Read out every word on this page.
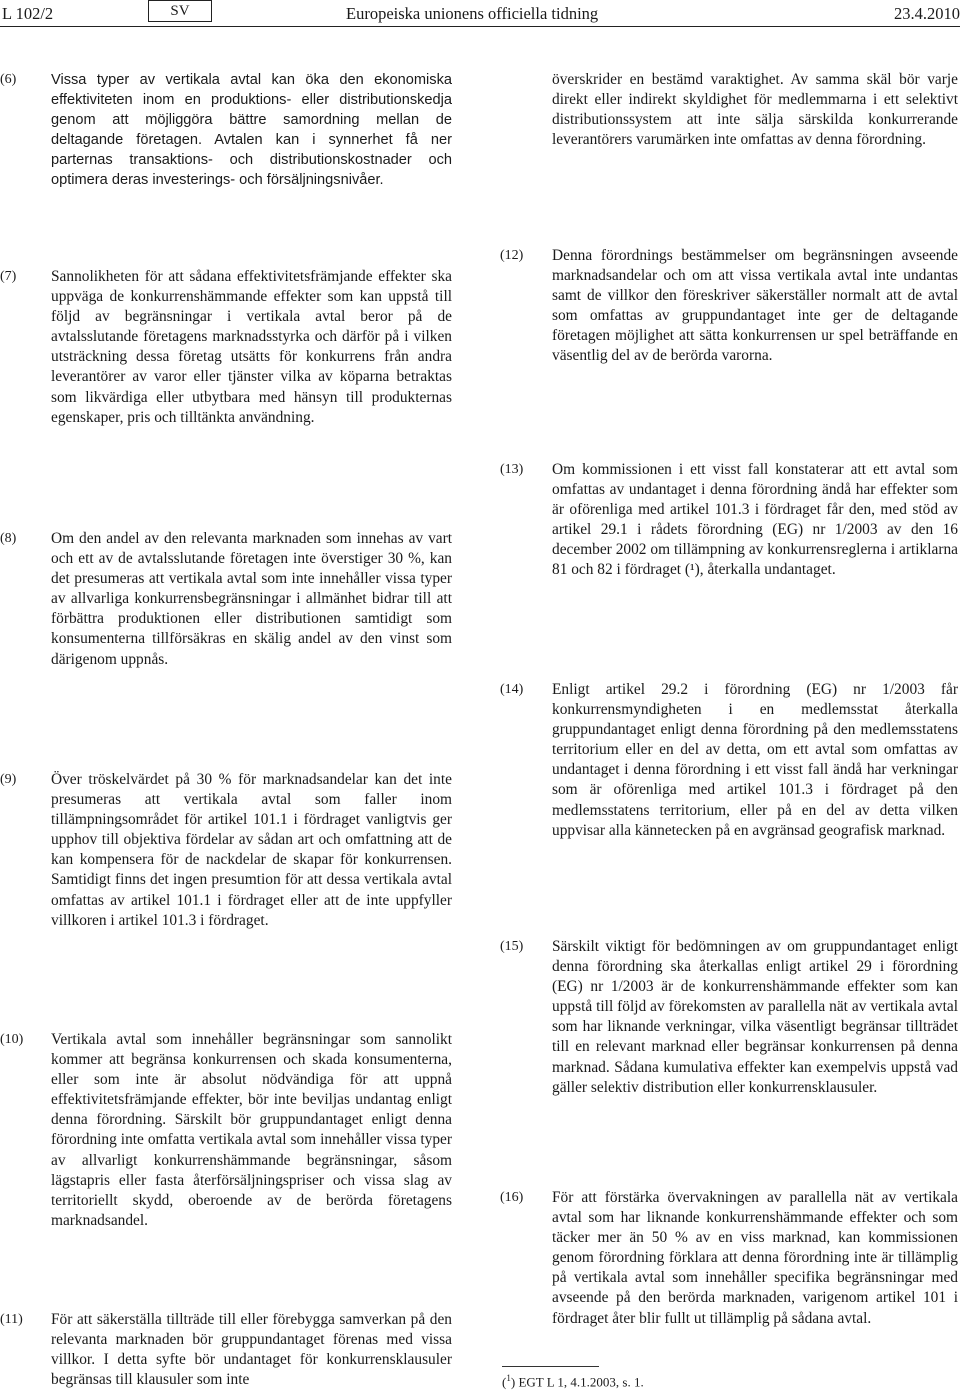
L 102/2	SV	Europeiska unionens officiella tidning	23.4.2010
(6)	Vissa typer av vertikala avtal kan öka den ekonomiska effektiviteten inom en produktions- eller distributionskedja genom att möjliggöra bättre samordning mellan de deltagande företagen. Avtalen kan i synnerhet få ner parternas transaktions- och distributionskostnader och optimera deras investerings- och försäljningsnivåer.

(7)	Sannolikheten för att sådana effektivitetsfrämjande effekter ska uppväga de konkurrenshämmande effekter som kan uppstå till följd av begränsningar i vertikala avtal beror på de avtalsslutande företagens marknadsstyrka och därför på i vilken utsträckning dessa företag utsätts för konkurrens från andra leverantörer av varor eller tjänster vilka av köparna betraktas som likvärdiga eller utbytbara med hänsyn till produkternas egenskaper, pris och tilltänkta användning.

(8)	Om den andel av den relevanta marknaden som innehas av vart och ett av de avtalsslutande företagen inte överstiger 30 %, kan det presumeras att vertikala avtal som inte innehåller vissa typer av allvarliga konkurrensbegränsningar i allmänhet bidrar till att förbättra produktionen eller distributionen samtidigt som konsumenterna tillförsäkras en skälig andel av den vinst som därigenom uppnås.

(9)	Över tröskelvärdet på 30 % för marknadsandelar kan det inte presumeras att vertikala avtal som faller inom tillämpningsområdet för artikel 101.1 i fördraget vanligtvis ger upphov till objektiva fördelar av sådan art och omfattning att de kan kompensera för de nackdelar de skapar för konkurrensen. Samtidigt finns det ingen presumtion för att dessa vertikala avtal omfattas av artikel 101.1 i fördraget eller att de inte uppfyller villkoren i artikel 101.3 i fördraget.

(10)	Vertikala avtal som innehåller begränsningar som sannolikt kommer att begränsa konkurrensen och skada konsumenterna, eller som inte är absolut nödvändiga för att uppnå effektivitetsfrämjande effekter, bör inte beviljas undantag enligt denna förordning. Särskilt bör gruppundantaget enligt denna förordning inte omfatta vertikala avtal som innehåller vissa typer av allvarligt konkurrenshämmande begränsningar, såsom lägstapris eller fasta återförsäljningspriser och vissa slag av territoriellt skydd, oberoende av de berörda företagens marknadsandel.

(11)	För att säkerställa tillträde till eller förebygga samverkan på den relevanta marknaden bör gruppundantaget förenas med vissa villkor. I detta syfte bör undantaget för konkurrensklausuler begränsas till klausuler som inte

överskrider en bestämd varaktighet. Av samma skäl bör varje direkt eller indirekt skyldighet för medlemmarna i ett selektivt distributionssystem att inte sälja särskilda konkurrerande leverantörers varumärken inte omfattas av denna förordning.

(12)	Denna förordnings bestämmelser om begränsningen avseende marknadsandelar och om att vissa vertikala avtal inte undantas samt de villkor den föreskriver säkerställer normalt att de avtal som omfattas av gruppundantaget inte ger de deltagande företagen möjlighet att sätta konkurrensen ur spel beträffande en väsentlig del av de berörda varorna.

(13)	Om kommissionen i ett visst fall konstaterar att ett avtal som omfattas av undantaget i denna förordning ändå har effekter som är oförenliga med artikel 101.3 i fördraget får den, med stöd av artikel 29.1 i rådets förordning (EG) nr 1/2003 av den 16 december 2002 om tillämpning av konkurrensreglerna i artiklarna 81 och 82 i fördraget (¹), återkalla undantaget.

(14)	Enligt artikel 29.2 i förordning (EG) nr 1/2003 får konkurrensmyndigheten i en medlemsstat återkalla gruppundantaget enligt denna förordning på den medlemsstatens territorium eller en del av detta, om ett avtal som omfattas av undantaget i denna förordning i ett visst fall ändå har verkningar som är oförenliga med artikel 101.3 i fördraget på den medlemsstatens territorium, eller på en del av detta vilken uppvisar alla kännetecken på en avgränsad geografisk marknad.

(15)	Särskilt viktigt för bedömningen av om gruppundantaget enligt denna förordning ska återkallas enligt artikel 29 i förordning (EG) nr 1/2003 är de konkurrenshämmande effekter som kan uppstå till följd av förekomsten av parallella nät av vertikala avtal som har liknande verkningar, vilka väsentligt begränsar tillträdet till en relevant marknad eller begränsar konkurrensen på denna marknad. Sådana kumulativa effekter kan exempelvis uppstå vad gäller selektiv distribution eller konkurrensklausuler.

(16)	För att förstärka övervakningen av parallella nät av vertikala avtal som har liknande konkurrenshämmande effekter och som täcker mer än 50 % av en viss marknad, kan kommissionen genom förordning förklara att denna förordning inte är tillämplig på vertikala avtal som innehåller specifika begränsningar med avseende på den berörda marknaden, varigenom artikel 101 i fördraget åter blir fullt ut tillämplig på sådana avtal.

($^1$) EGT L 1, 4.1.2003, s. 1.
